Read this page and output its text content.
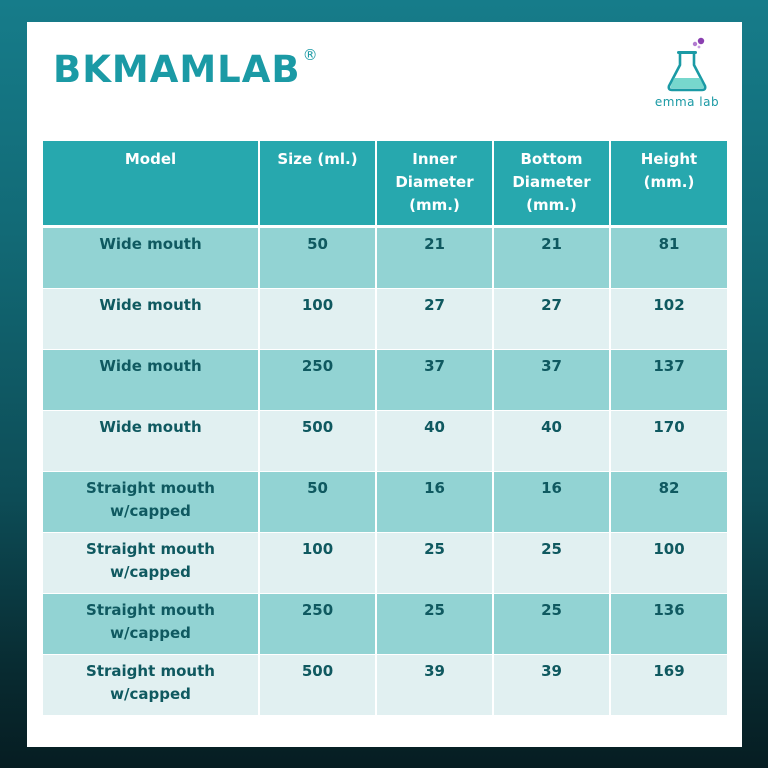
BKMAMLAB ®
emma lab
Model	Size (ml.)	Inner Diameter (mm.)	Bottom Diameter (mm.)	Height (mm.)
Wide mouth	50	21	21	81
Wide mouth	100	27	27	102
Wide mouth	250	37	37	137
Wide mouth	500	40	40	170
Straight mouth w/capped	50	16	16	82
Straight mouth w/capped	100	25	25	100
Straight mouth w/capped	250	25	25	136
Straight mouth w/capped	500	39	39	169
